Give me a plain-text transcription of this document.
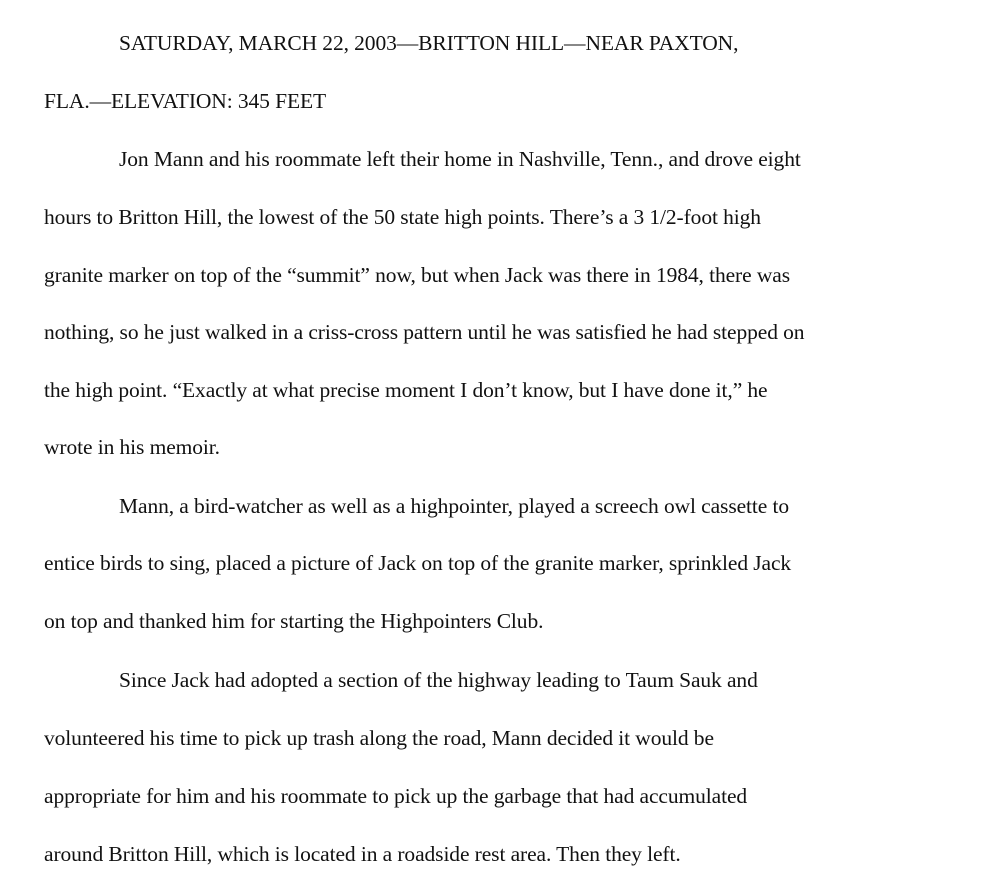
SATURDAY, MARCH 22, 2003—BRITTON HILL—NEAR PAXTON,

FLA.—ELEVATION: 345 FEET

Jon Mann and his roommate left their home in Nashville, Tenn., and drove eight

hours to Britton Hill, the lowest of the 50 state high points. There’s a 3 1/2-foot high

granite marker on top of the “summit” now, but when Jack was there in 1984, there was

nothing, so he just walked in a criss-cross pattern until he was satisfied he had stepped on

the high point. “Exactly at what precise moment I don’t know, but I have done it,” he

wrote in his memoir.

Mann, a bird-watcher as well as a highpointer, played a screech owl cassette to

entice birds to sing, placed a picture of Jack on top of the granite marker, sprinkled Jack

on top and thanked him for starting the Highpointers Club.

Since Jack had adopted a section of the highway leading to Taum Sauk and

volunteered his time to pick up trash along the road, Mann decided it would be

appropriate for him and his roommate to pick up the garbage that had accumulated

around Britton Hill, which is located in a roadside rest area. Then they left.
